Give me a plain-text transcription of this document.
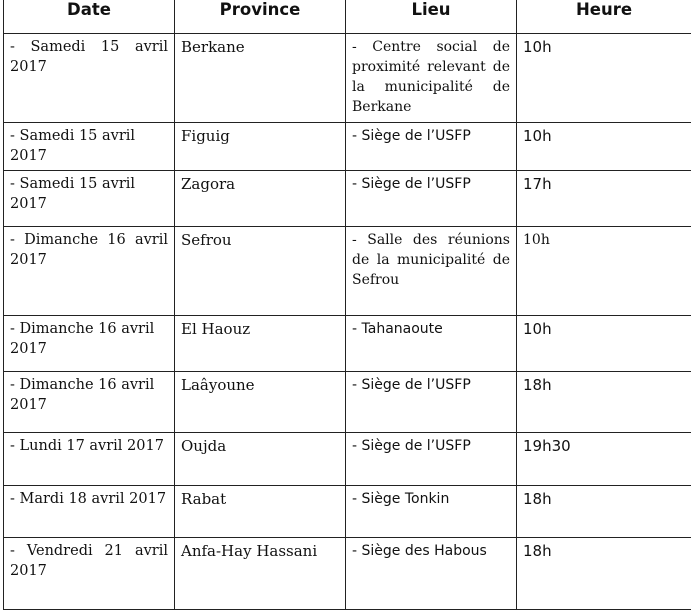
Date	Province	Lieu	Heure
- Samedi 15 avril 2017	Berkane	- Centre social de proximité relevant de la municipalité de Berkane	10h
- Samedi 15 avril 2017	Figuig	- Siège de l’USFP	10h
- Samedi 15 avril 2017	Zagora	- Siège de l’USFP	17h
- Dimanche 16 avril 2017	Sefrou	- Salle des réunions de la municipalité de Sefrou	10h
- Dimanche 16 avril 2017	El Haouz	- Tahanaoute	10h
- Dimanche 16 avril 2017	Laâyoune	- Siège de l’USFP	18h
- Lundi 17 avril 2017	Oujda	- Siège de l’USFP	19h30
- Mardi 18 avril 2017	Rabat	- Siège Tonkin	18h
- Vendredi 21 avril 2017	Anfa-Hay Hassani	- Siège des Habous	18h
